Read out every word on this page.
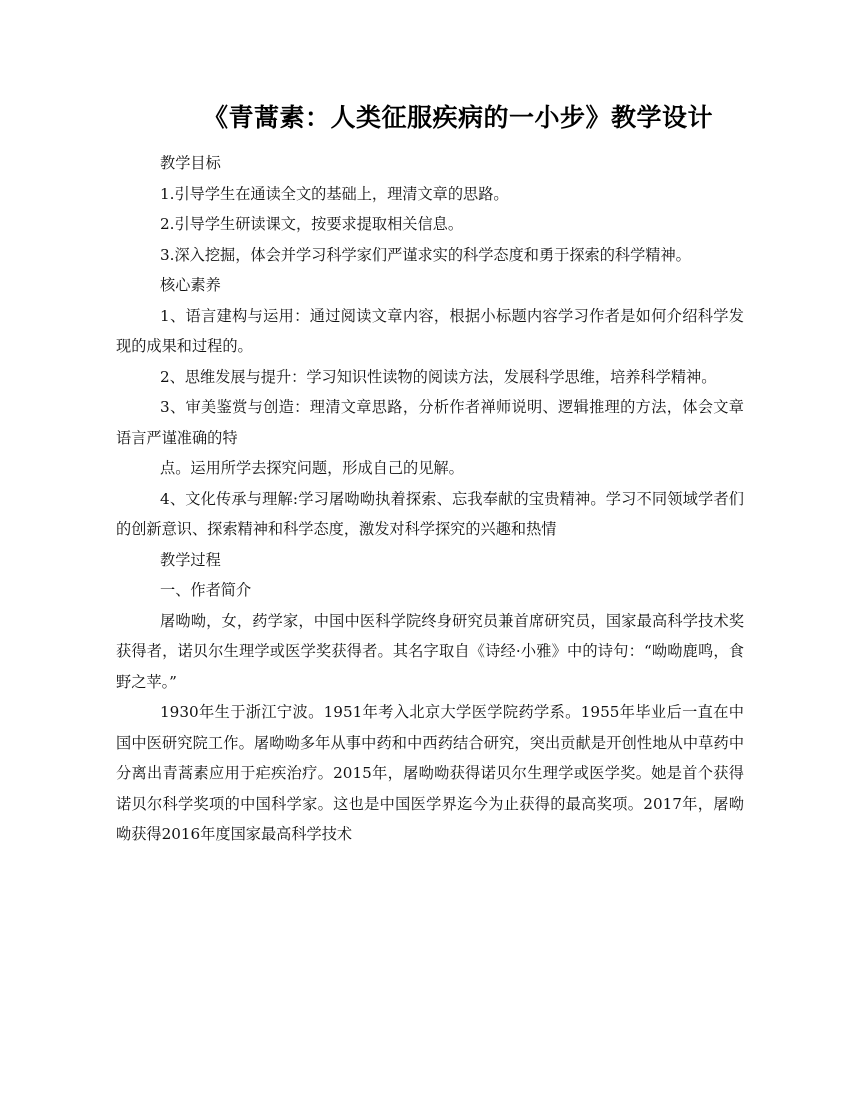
《青蒿素：人类征服疾病的一小步》教学设计

教学目标

1.引导学生在通读全文的基础上，理清文章的思路。

2.引导学生研读课文，按要求提取相关信息。

3.深入挖掘，体会并学习科学家们严谨求实的科学态度和勇于探索的科学精神。

核心素养

1、语言建构与运用：通过阅读文章内容，根据小标题内容学习作者是如何介绍科学发现的成果和过程的。

2、思维发展与提升：学习知识性读物的阅读方法，发展科学思维，培养科学精神。

3、审美鉴赏与创造：理清文章思路，分析作者禅师说明、逻辑推理的方法，体会文章语言严谨准确的特

点。运用所学去探究问题，形成自己的见解。

4、文化传承与理解:学习屠呦呦执着探索、忘我奉献的宝贵精神。学习不同领域学者们的创新意识、探索精神和科学态度，激发对科学探究的兴趣和热情

教学过程

一、作者简介

屠呦呦，女，药学家，中国中医科学院终身研究员兼首席研究员，国家最高科学技术奖获得者，诺贝尔生理学或医学奖获得者。其名字取自《诗经·小雅》中的诗句：“呦呦鹿鸣，食野之苹。”

1930年生于浙江宁波。1951年考入北京大学医学院药学系。1955年毕业后一直在中国中医研究院工作。屠呦呦多年从事中药和中西药结合研究，突出贡献是开创性地从中草药中分离出青蒿素应用于疟疾治疗。2015年，屠呦呦获得诺贝尔生理学或医学奖。她是首个获得诺贝尔科学奖项的中国科学家。这也是中国医学界迄今为止获得的最高奖项。2017年，屠呦呦获得2016年度国家最高科学技术
